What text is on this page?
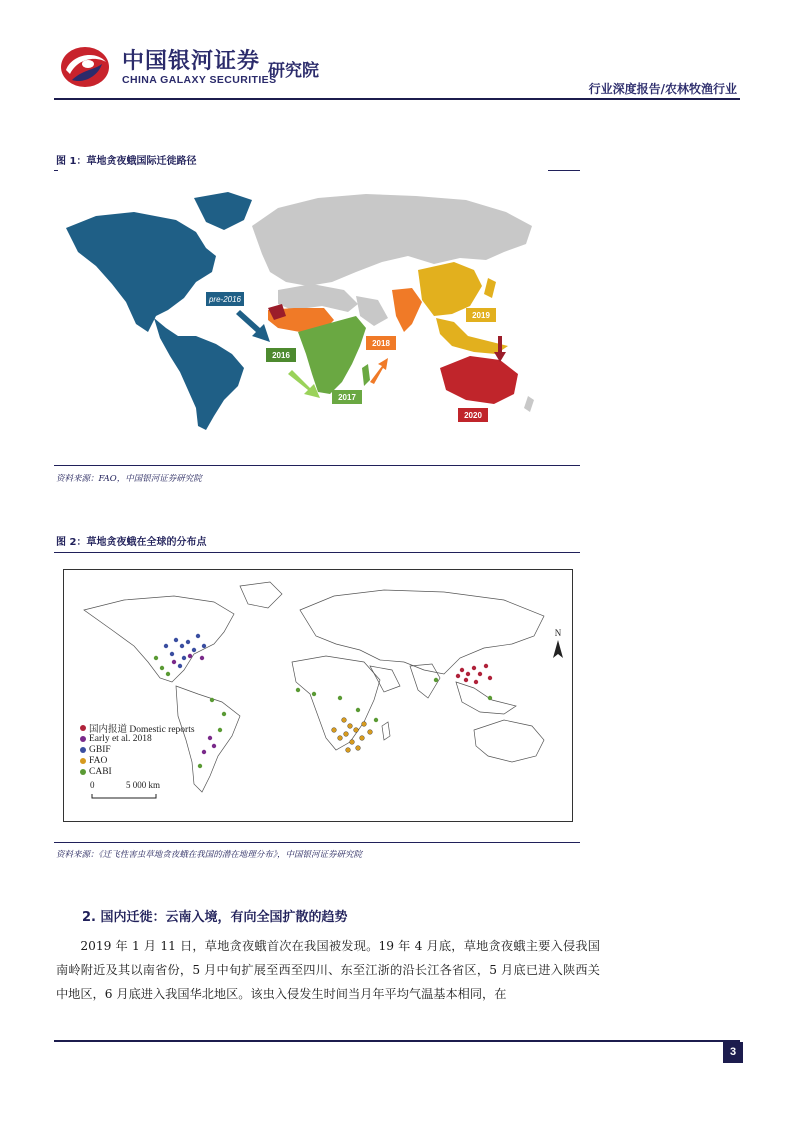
中国银河证券
CHINA GALAXY SECURITIES
研究院
行业深度报告/农林牧渔行业
图 1：草地贪夜蛾国际迁徙路径
pre-2016
2016
2017
2018
2019
2020
资料来源：FAO，中国银河证券研究院
图 2：草地贪夜蛾在全球的分布点
N
0	5 000 km
国内报道 Domestic reports
Early et al. 2018
GBIF
FAO
CABI
资料来源：《迁飞性害虫草地贪夜蛾在我国的潜在地理分布》，中国银河证券研究院
2. 国内迁徙：云南入境，有向全国扩散的趋势
2019 年 1 月 11 日，草地贪夜蛾首次在我国被发现。19 年 4 月底，草地贪夜蛾主要入侵我国南岭附近及其以南省份，5 月中旬扩展至西至四川、东至江浙的沿长江各省区，5 月底已进入陕西关中地区，6 月底进入我国华北地区。该虫入侵发生时间当月年平均气温基本相同，在
3
